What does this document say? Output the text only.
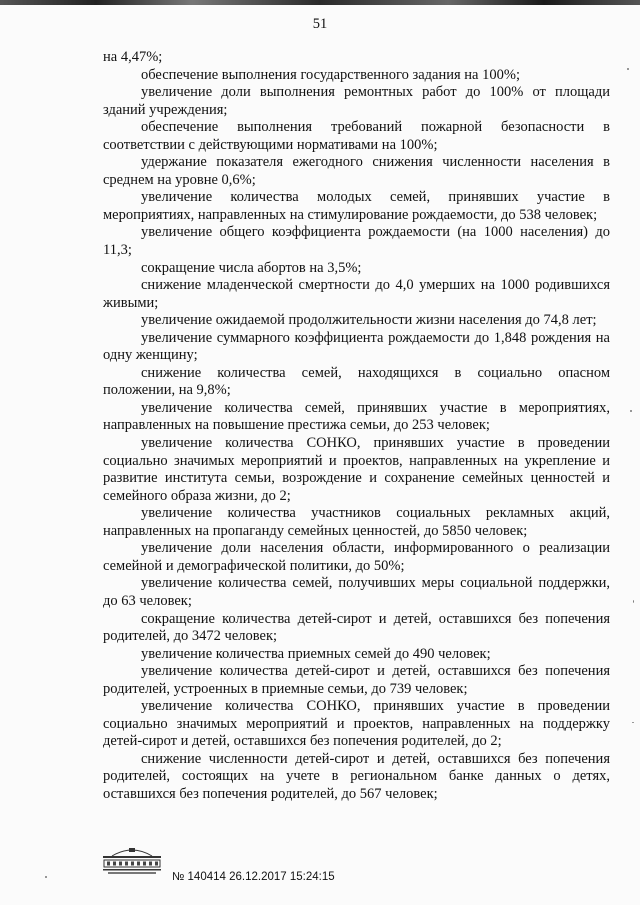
51

на 4,47%;

обеспечение выполнения государственного задания на 100%;

увеличение доли выполнения ремонтных работ до 100% от площади зданий учреждения;

обеспечение выполнения требований пожарной безопасности в соответствии с действующими нормативами на 100%;

удержание показателя ежегодного снижения численности населения в среднем на уровне 0,6%;

увеличение количества молодых семей, принявших участие в мероприятиях, направленных на стимулирование рождаемости, до 538 человек;

увеличение общего коэффициента рождаемости (на 1000 населения) до 11,3;

сокращение числа абортов на 3,5%;

снижение младенческой смертности до 4,0 умерших на 1000 родившихся живыми;

увеличение ожидаемой продолжительности жизни населения до 74,8 лет;

увеличение суммарного коэффициента рождаемости до 1,848 рождения на одну женщину;

снижение количества семей, находящихся в социально опасном положении, на 9,8%;

увеличение количества семей, принявших участие в мероприятиях, направленных на повышение престижа семьи, до 253 человек;

увеличение количества СОНКО, принявших участие в проведении социально значимых мероприятий и проектов, направленных на укрепление и развитие института семьи, возрождение и сохранение семейных ценностей и семейного образа жизни, до 2;

увеличение количества участников социальных рекламных акций, направленных на пропаганду семейных ценностей, до 5850 человек;

увеличение доли населения области, информированного о реализации семейной и демографической политики, до 50%;

увеличение количества семей, получивших меры социальной поддержки, до 63 человек;

сокращение количества детей-сирот и детей, оставшихся без попечения родителей, до 3472 человек;

увеличение количества приемных семей до 490 человек;

увеличение количества детей-сирот и детей, оставшихся без попечения родителей, устроенных в приемные семьи, до 739 человек;

увеличение количества СОНКО, принявших участие в проведении социально значимых мероприятий и проектов, направленных на поддержку детей-сирот и детей, оставшихся без попечения родителей, до 2;

снижение численности детей-сирот и детей, оставшихся без попечения родителей, состоящих на учете в региональном банке данных о детях, оставшихся без попечения родителей, до 567 человек;

№ 140414 26.12.2017 15:24:15
